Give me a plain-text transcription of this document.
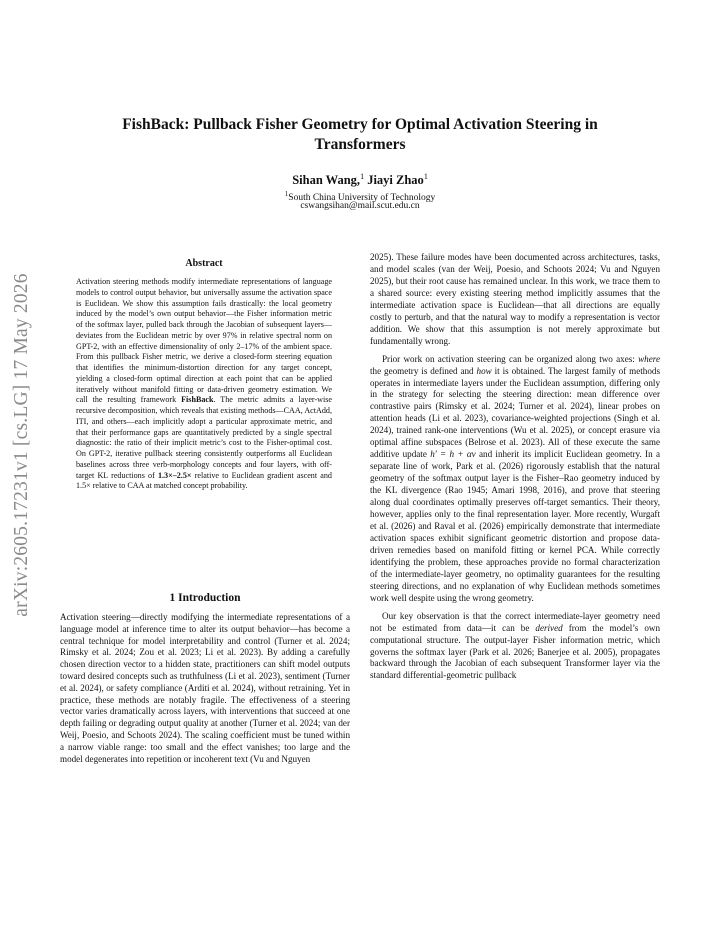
FishBack: Pullback Fisher Geometry for Optimal Activation Steering in
Transformers
Sihan Wang,$^1$ Jiayi Zhao$^1$
$^1$South China University of Technology
cswangsihan@mail.scut.edu.cn
arXiv:2605.17231v1 [cs.LG] 17 May 2026
Abstract
Activation steering methods modify intermediate representations of language models to control output behavior, but universally assume the activation space is Euclidean. We show this assumption fails drastically: the local geometry induced by the model’s own output behavior—the Fisher information metric of the softmax layer, pulled back through the Jacobian of subsequent layers—deviates from the Euclidean metric by over 97% in relative spectral norm on GPT-2, with an effective dimensionality of only 2–17% of the ambient space. From this pullback Fisher metric, we derive a closed-form steering equation that identifies the minimum-distortion direction for any target concept, yielding a closed-form optimal direction at each point that can be applied iteratively without manifold fitting or data-driven geometry estimation. We call the resulting framework FishBack. The metric admits a layer-wise recursive decomposition, which reveals that existing methods—CAA, ActAdd, ITI, and others—each implicitly adopt a particular approximate metric, and that their performance gaps are quantitatively predicted by a single spectral diagnostic: the ratio of their implicit metric’s cost to the Fisher-optimal cost. On GPT-2, iterative pullback steering consistently outperforms all Euclidean baselines across three verb-morphology concepts and four layers, with off-target KL reductions of 1.3×–2.5× relative to Euclidean gradient ascent and 1.5× relative to CAA at matched concept probability.
1 Introduction
Activation steering—directly modifying the intermediate representations of a language model at inference time to alter its output behavior—has become a central technique for model interpretability and control (Turner et al. 2024; Rimsky et al. 2024; Zou et al. 2023; Li et al. 2023). By adding a carefully chosen direction vector to a hidden state, practitioners can shift model outputs toward desired concepts such as truthfulness (Li et al. 2023), sentiment (Turner et al. 2024), or safety compliance (Arditi et al. 2024), without retraining. Yet in practice, these methods are notably fragile. The effectiveness of a steering vector varies dramatically across layers, with interventions that succeed at one depth failing or degrading output quality at another (Turner et al. 2024; van der Weij, Poesio, and Schoots 2024). The scaling coefficient must be tuned within a narrow viable range: too small and the effect vanishes; too large and the model degenerates into repetition or incoherent text (Vu and Nguyen

2025). These failure modes have been documented across architectures, tasks, and model scales (van der Weij, Poesio, and Schoots 2024; Vu and Nguyen 2025), but their root cause has remained unclear. In this work, we trace them to a shared source: every existing steering method implicitly assumes that the intermediate activation space is Euclidean—that all directions are equally costly to perturb, and that the natural way to modify a representation is vector addition. We show that this assumption is not merely approximate but fundamentally wrong.

Prior work on activation steering can be organized along two axes: where the geometry is defined and how it is obtained. The largest family of methods operates in intermediate layers under the Euclidean assumption, differing only in the strategy for selecting the steering direction: mean difference over contrastive pairs (Rimsky et al. 2024; Turner et al. 2024), linear probes on attention heads (Li et al. 2023), covariance-weighted projections (Singh et al. 2024), trained rank-one interventions (Wu et al. 2025), or concept erasure via optimal affine subspaces (Belrose et al. 2023). All of these execute the same additive update h′ = h + αv and inherit its implicit Euclidean geometry. In a separate line of work, Park et al. (2026) rigorously establish that the natural geometry of the softmax output layer is the Fisher–Rao geometry induced by the KL divergence (Rao 1945; Amari 1998, 2016), and prove that steering along dual coordinates optimally preserves off-target semantics. Their theory, however, applies only to the final representation layer. More recently, Wurgaft et al. (2026) and Raval et al. (2026) empirically demonstrate that intermediate activation spaces exhibit significant geometric distortion and propose data-driven remedies based on manifold fitting or kernel PCA. While correctly identifying the problem, these approaches provide no formal characterization of the intermediate-layer geometry, no optimality guarantees for the resulting steering directions, and no explanation of why Euclidean methods sometimes work well despite using the wrong geometry.

Our key observation is that the correct intermediate-layer geometry need not be estimated from data—it can be derived from the model’s own computational structure. The output-layer Fisher information metric, which governs the softmax layer (Park et al. 2026; Banerjee et al. 2005), propagates backward through the Jacobian of each subsequent Transformer layer via the standard differential-geometric pullback
